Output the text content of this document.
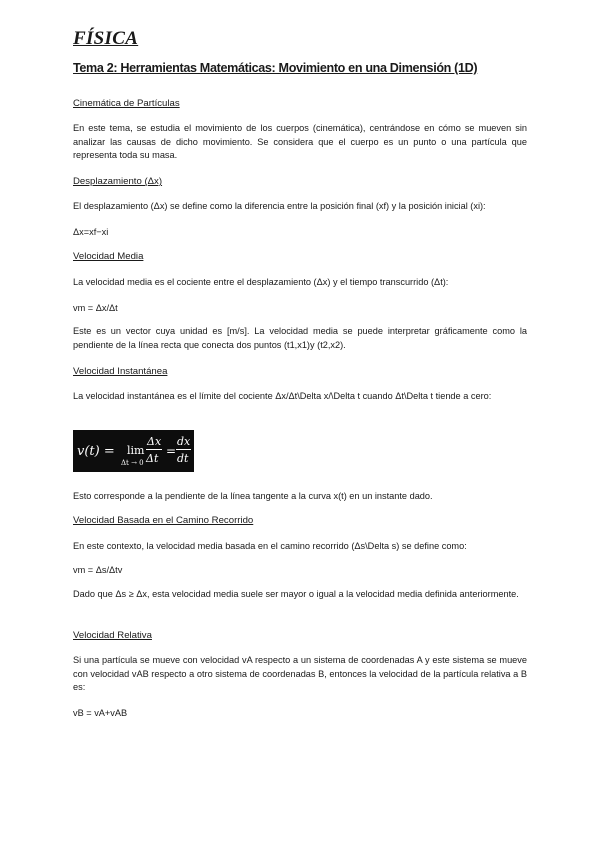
FÍSICA
Tema 2: Herramientas Matemáticas: Movimiento en una Dimensión (1D)
Cinemática de Partículas

En este tema, se estudia el movimiento de los cuerpos (cinemática), centrándose en cómo se mueven sin analizar las causas de dicho movimiento. Se considera que el cuerpo es un punto o una partícula que representa toda su masa.

Desplazamiento (Δx)

El desplazamiento (Δx) se define como la diferencia entre la posición final (xf) y la posición inicial (xi):

Δx=xf−xi

Velocidad Media

La velocidad media es el cociente entre el desplazamiento (Δx) y el tiempo transcurrido (Δt):

vm = Δx/Δt

Este es un vector cuya unidad es [m/s]. La velocidad media se puede interpretar gráficamente como la pendiente de la línea recta que conecta dos puntos (t1,x1)y (t2,x2).

Velocidad Instantánea

La velocidad instantánea es el límite del cociente Δx/Δt\Delta x/\Delta t cuando Δt\Delta t tiende a cero:

v(t) = lim
Δt → 0
Δx
Δt
=
dx
dt

Esto corresponde a la pendiente de la línea tangente a la curva x(t) en un instante dado.

Velocidad Basada en el Camino Recorrido

En este contexto, la velocidad media basada en el camino recorrido (Δs\Delta s) se define como:

vm = Δs/Δtv

Dado que Δs ≥ Δx, esta velocidad media suele ser mayor o igual a la velocidad media definida anteriormente.

Velocidad Relativa

Si una partícula se mueve con velocidad vA respecto a un sistema de coordenadas A y este sistema se mueve con velocidad vAB respecto a otro sistema de coordenadas B, entonces la velocidad de la partícula relativa a B es:

vB = vA+vAB
